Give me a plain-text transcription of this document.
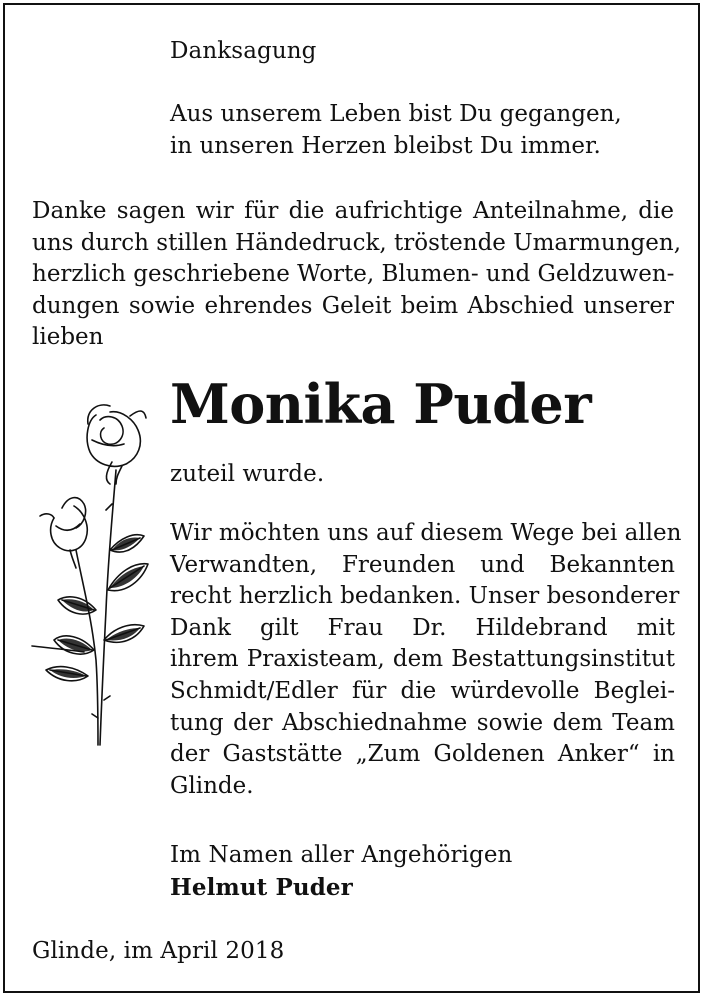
Danksagung
Aus unserem Leben bist Du gegangen,
in unseren Herzen bleibst Du immer.
Danke sagen wir für die aufrichtige Anteilnahme, die
uns durch stillen Händedruck, tröstende Umarmungen,
herzlich geschriebene Worte, Blumen- und Geldzuwen-
dungen sowie ehrendes Geleit beim Abschied unserer
lieben
Monika Puder
zuteil wurde.
Wir möchten uns auf diesem Wege bei allen
Verwandten, Freunden und Bekannten
recht herzlich bedanken. Unser besonderer
Dank gilt Frau Dr. Hildebrand mit
ihrem Praxisteam, dem Bestattungsinstitut
Schmidt/Edler für die würdevolle Beglei-
tung der Abschiednahme sowie dem Team
der Gaststätte „Zum Goldenen Anker“ in
Glinde.
Im Namen aller Angehörigen
Helmut Puder
Glinde, im April 2018
